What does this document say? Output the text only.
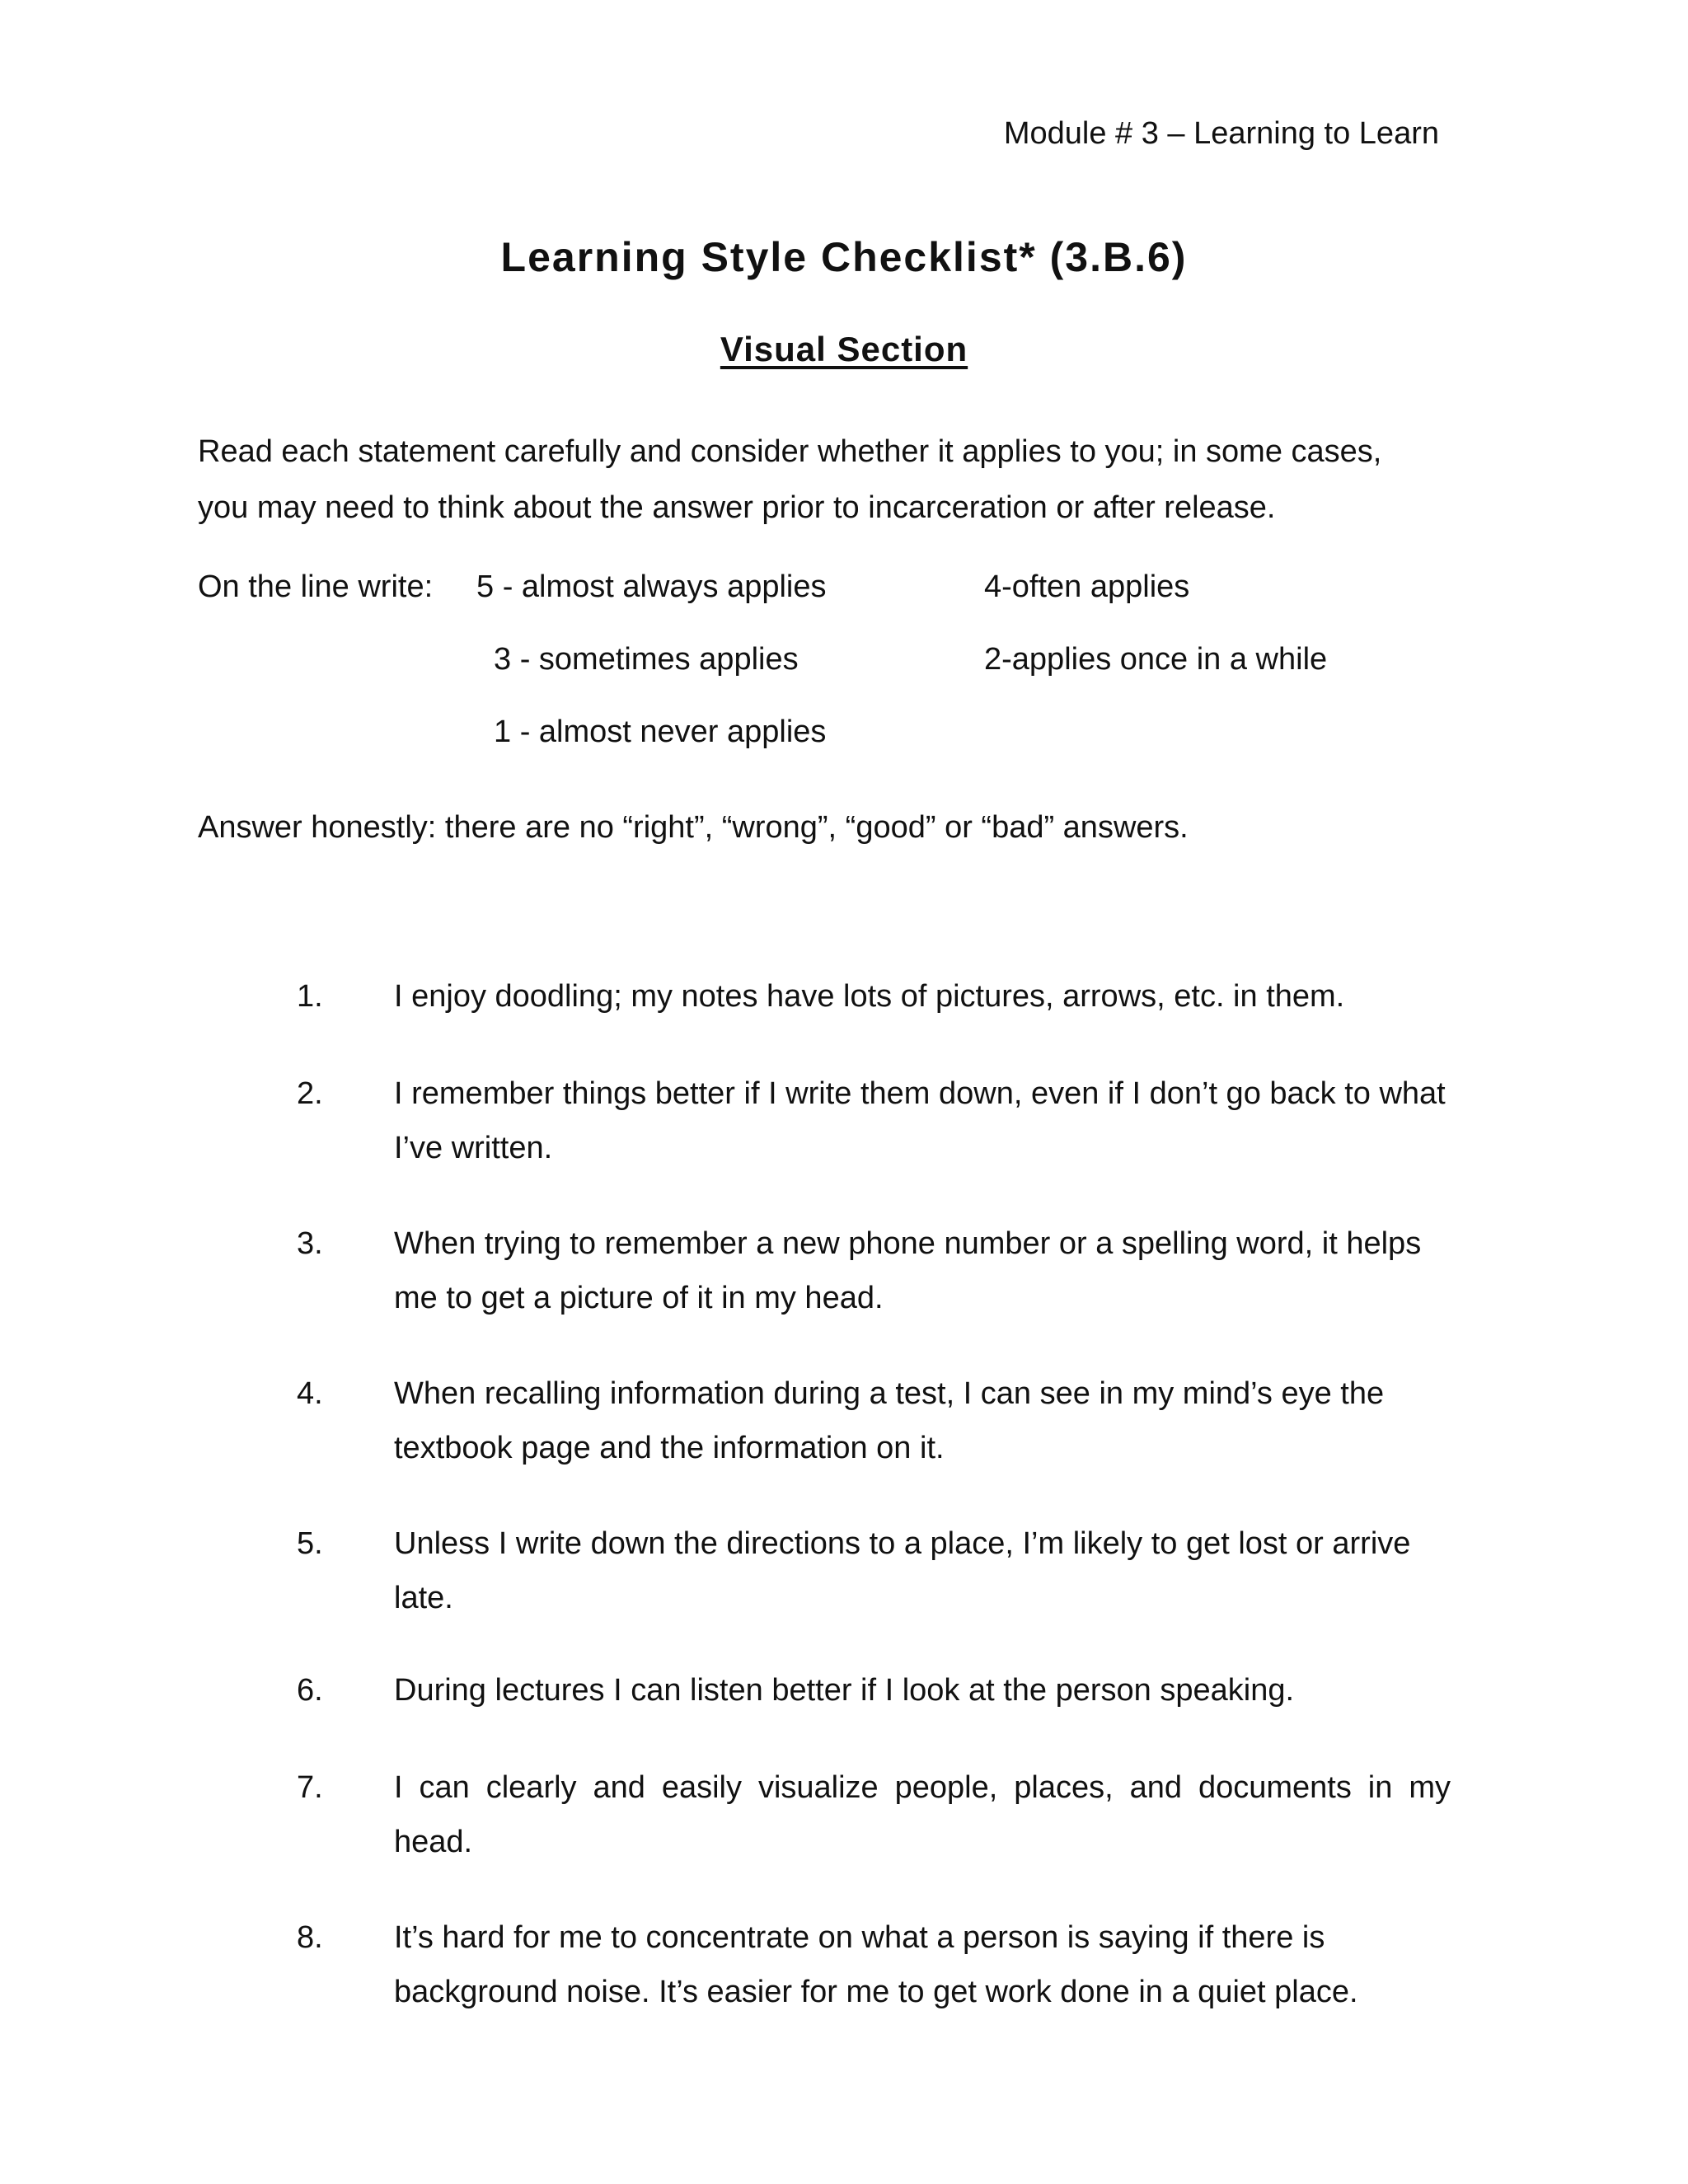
Module # 3 – Learning to Learn
Learning Style Checklist* (3.B.6)
Visual Section

Read each statement carefully and consider whether it applies to you; in some cases,

you may need to think about the answer prior to incarceration or after release.

On the line write: 5 - almost always applies	4-often applies
3 - sometimes applies	2-applies once in a while
1 - almost never applies
Answer honestly: there are no “right”, “wrong”, “good” or “bad” answers.
1.	I enjoy doodling; my notes have lots of pictures, arrows, etc. in them.
2.	I remember things better if I write them down, even if I don’t go back to what I’ve written.
3.	When trying to remember a new phone number or a spelling word, it helps me to get a picture of it in my head.
4.	When recalling information during a test, I can see in my mind’s eye the textbook page and the information on it.
5.	Unless I write down the directions to a place, I’m likely to get lost or arrive late.
6.	During lectures I can listen better if I look at the person speaking.
7.	I can clearly and easily visualize people, places, and documents in my head.
8.	It’s hard for me to concentrate on what a person is saying if there is background noise. It’s easier for me to get work done in a quiet place.
